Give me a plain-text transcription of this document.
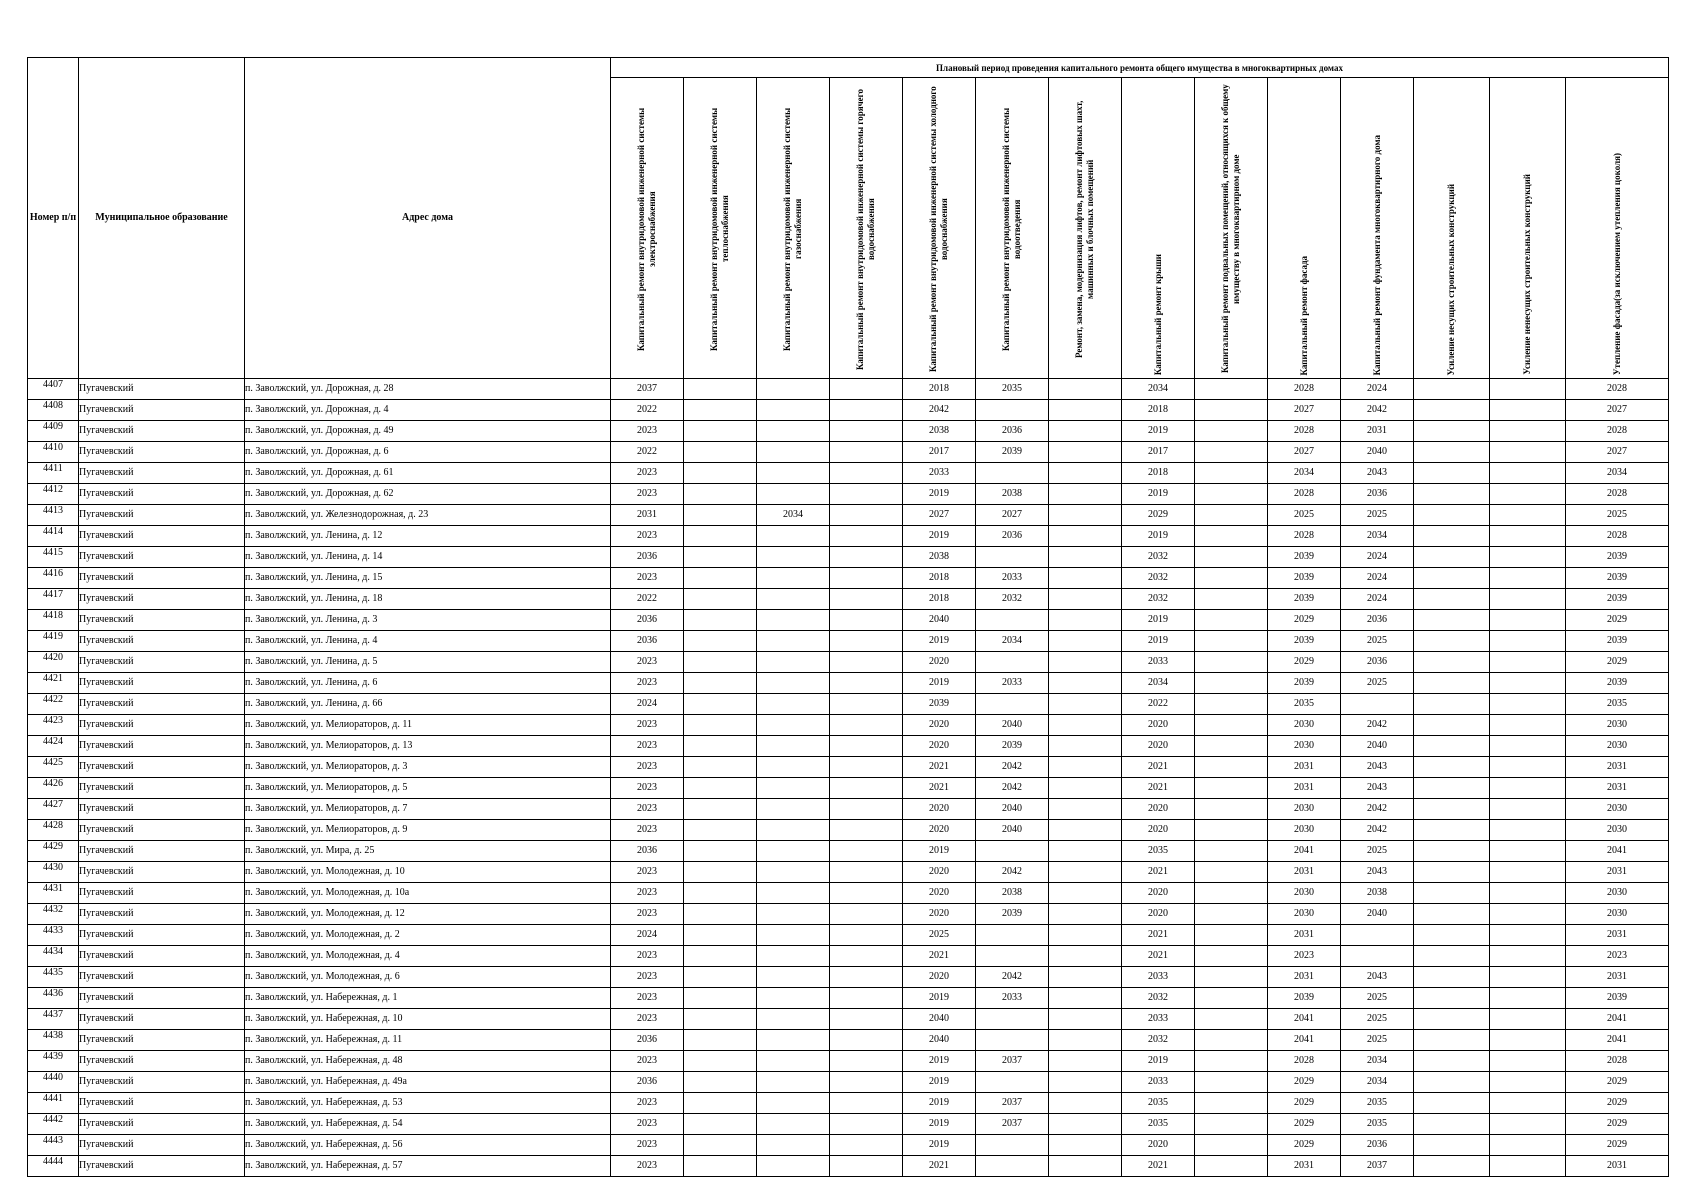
Номер п/п	Муниципальное образование	Адрес дома	Плановый период проведения капитального ремонта общего имущества в многоквартирных домах													

			Капитальный ремонт внутридомовой инженерной системы электроснабжения	Капитальный ремонт внутридомовой инженерной системы теплоснабжения	Капитальный ремонт внутридомовой инженерной системы газоснабжения	Капитальный ремонт внутридомовой инженерной системы горячего водоснабжения	Капитальный ремонт внутридомовой инженерной системы холодного водоснабжения	Капитальный ремонт внутридомовой инженерной системы водоотведения	Ремонт, замена, модернизация лифтов, ремонт лифтовых шахт, машинных и блочных помещений	Капитальный ремонт крыши	Капитальный ремонт подвальных помещений, относящихся к общему имуществу в многоквартирном доме	Капитальный ремонт фасада	Капитальный ремонт фундамента многоквартирного дома	Усиление несущих строительных конструкций	Усиление ненесущих строительных конструкций	Утепление фасада(за исключением утепления цоколя)

4407	Пугачевский	п. Заволжский, ул. Дорожная, д. 28	2037				2018	2035		2034		2028	2024			2028
4408	Пугачевский	п. Заволжский, ул. Дорожная, д. 4	2022				2042			2018		2027	2042			2027
4409	Пугачевский	п. Заволжский, ул. Дорожная, д. 49	2023				2038	2036		2019		2028	2031			2028
4410	Пугачевский	п. Заволжский, ул. Дорожная, д. 6	2022				2017	2039		2017		2027	2040			2027
4411	Пугачевский	п. Заволжский, ул. Дорожная, д. 61	2023				2033			2018		2034	2043			2034
4412	Пугачевский	п. Заволжский, ул. Дорожная, д. 62	2023				2019	2038		2019		2028	2036			2028
4413	Пугачевский	п. Заволжский, ул. Железнодорожная, д. 23	2031		2034		2027	2027		2029		2025	2025			2025
4414	Пугачевский	п. Заволжский, ул. Ленина, д. 12	2023				2019	2036		2019		2028	2034			2028
4415	Пугачевский	п. Заволжский, ул. Ленина, д. 14	2036				2038			2032		2039	2024			2039
4416	Пугачевский	п. Заволжский, ул. Ленина, д. 15	2023				2018	2033		2032		2039	2024			2039
4417	Пугачевский	п. Заволжский, ул. Ленина, д. 18	2022				2018	2032		2032		2039	2024			2039
4418	Пугачевский	п. Заволжский, ул. Ленина, д. 3	2036				2040			2019		2029	2036			2029
4419	Пугачевский	п. Заволжский, ул. Ленина, д. 4	2036				2019	2034		2019		2039	2025			2039
4420	Пугачевский	п. Заволжский, ул. Ленина, д. 5	2023				2020			2033		2029	2036			2029
4421	Пугачевский	п. Заволжский, ул. Ленина, д. 6	2023				2019	2033		2034		2039	2025			2039
4422	Пугачевский	п. Заволжский, ул. Ленина, д. 66	2024				2039			2022		2035				2035
4423	Пугачевский	п. Заволжский, ул. Мелиораторов, д. 11	2023				2020	2040		2020		2030	2042			2030
4424	Пугачевский	п. Заволжский, ул. Мелиораторов, д. 13	2023				2020	2039		2020		2030	2040			2030
4425	Пугачевский	п. Заволжский, ул. Мелиораторов, д. 3	2023				2021	2042		2021		2031	2043			2031
4426	Пугачевский	п. Заволжский, ул. Мелиораторов, д. 5	2023				2021	2042		2021		2031	2043			2031
4427	Пугачевский	п. Заволжский, ул. Мелиораторов, д. 7	2023				2020	2040		2020		2030	2042			2030
4428	Пугачевский	п. Заволжский, ул. Мелиораторов, д. 9	2023				2020	2040		2020		2030	2042			2030
4429	Пугачевский	п. Заволжский, ул. Мира, д. 25	2036				2019			2035		2041	2025			2041
4430	Пугачевский	п. Заволжский, ул. Молодежная, д. 10	2023				2020	2042		2021		2031	2043			2031
4431	Пугачевский	п. Заволжский, ул. Молодежная, д. 10а	2023				2020	2038		2020		2030	2038			2030
4432	Пугачевский	п. Заволжский, ул. Молодежная, д. 12	2023				2020	2039		2020		2030	2040			2030
4433	Пугачевский	п. Заволжский, ул. Молодежная, д. 2	2024				2025			2021		2031				2031
4434	Пугачевский	п. Заволжский, ул. Молодежная, д. 4	2023				2021			2021		2023				2023
4435	Пугачевский	п. Заволжский, ул. Молодежная, д. 6	2023				2020	2042		2033		2031	2043			2031
4436	Пугачевский	п. Заволжский, ул. Набережная, д. 1	2023				2019	2033		2032		2039	2025			2039
4437	Пугачевский	п. Заволжский, ул. Набережная, д. 10	2023				2040			2033		2041	2025			2041
4438	Пугачевский	п. Заволжский, ул. Набережная, д. 11	2036				2040			2032		2041	2025			2041
4439	Пугачевский	п. Заволжский, ул. Набережная, д. 48	2023				2019	2037		2019		2028	2034			2028
4440	Пугачевский	п. Заволжский, ул. Набережная, д. 49а	2036				2019			2033		2029	2034			2029
4441	Пугачевский	п. Заволжский, ул. Набережная, д. 53	2023				2019	2037		2035		2029	2035			2029
4442	Пугачевский	п. Заволжский, ул. Набережная, д. 54	2023				2019	2037		2035		2029	2035			2029
4443	Пугачевский	п. Заволжский, ул. Набережная, д. 56	2023				2019			2020		2029	2036			2029
4444	Пугачевский	п. Заволжский, ул. Набережная, д. 57	2023				2021			2021		2031	2037			2031
